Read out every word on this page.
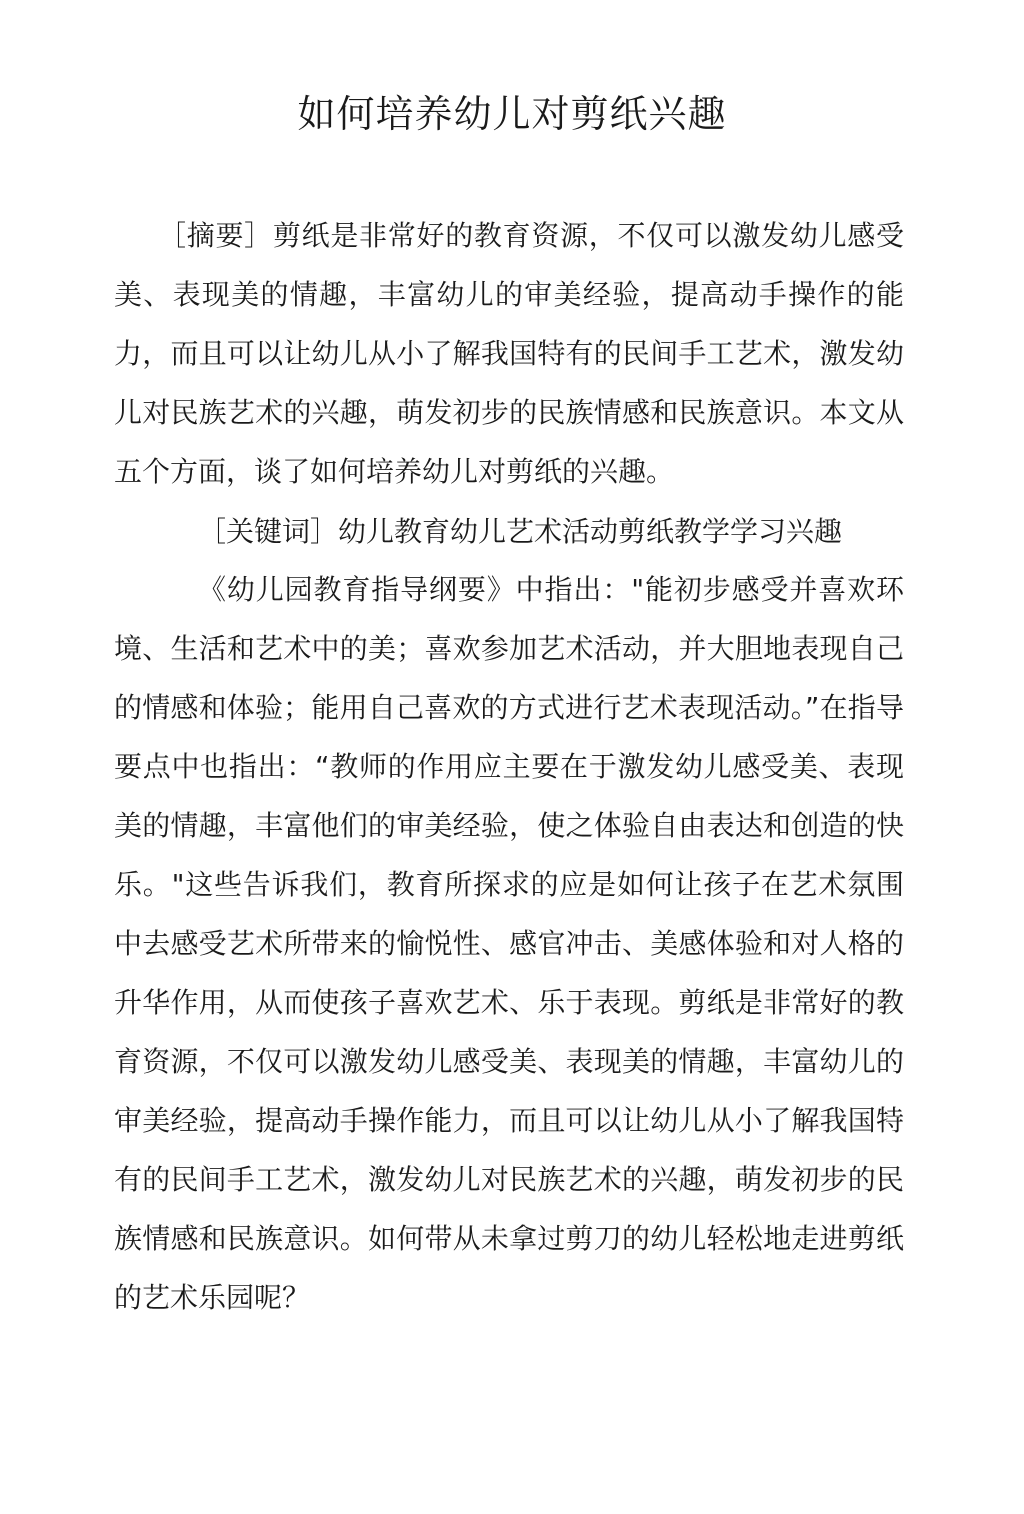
如何培养幼儿对剪纸兴趣

［摘要］剪纸是非常好的教育资源，不仅可以激发幼儿感受美、表现美的情趣，丰富幼儿的审美经验，提高动手操作的能力，而且可以让幼儿从小了解我国特有的民间手工艺术，激发幼儿对民族艺术的兴趣，萌发初步的民族情感和民族意识。本文从五个方面，谈了如何培养幼儿对剪纸的兴趣。

［关键词］幼儿教育幼儿艺术活动剪纸教学学习兴趣

《幼儿园教育指导纲要》中指出："能初步感受并喜欢环境、生活和艺术中的美；喜欢参加艺术活动，并大胆地表现自己的情感和体验；能用自己喜欢的方式进行艺术表现活动。”在指导要点中也指出：“教师的作用应主要在于激发幼儿感受美、表现美的情趣，丰富他们的审美经验，使之体验自由表达和创造的快乐。"这些告诉我们，教育所探求的应是如何让孩子在艺术氛围中去感受艺术所带来的愉悦性、感官冲击、美感体验和对人格的升华作用，从而使孩子喜欢艺术、乐于表现。剪纸是非常好的教育资源，不仅可以激发幼儿感受美、表现美的情趣，丰富幼儿的审美经验，提高动手操作能力，而且可以让幼儿从小了解我国特有的民间手工艺术，激发幼儿对民族艺术的兴趣，萌发初步的民族情感和民族意识。如何带从未拿过剪刀的幼儿轻松地走进剪纸的艺术乐园呢？
